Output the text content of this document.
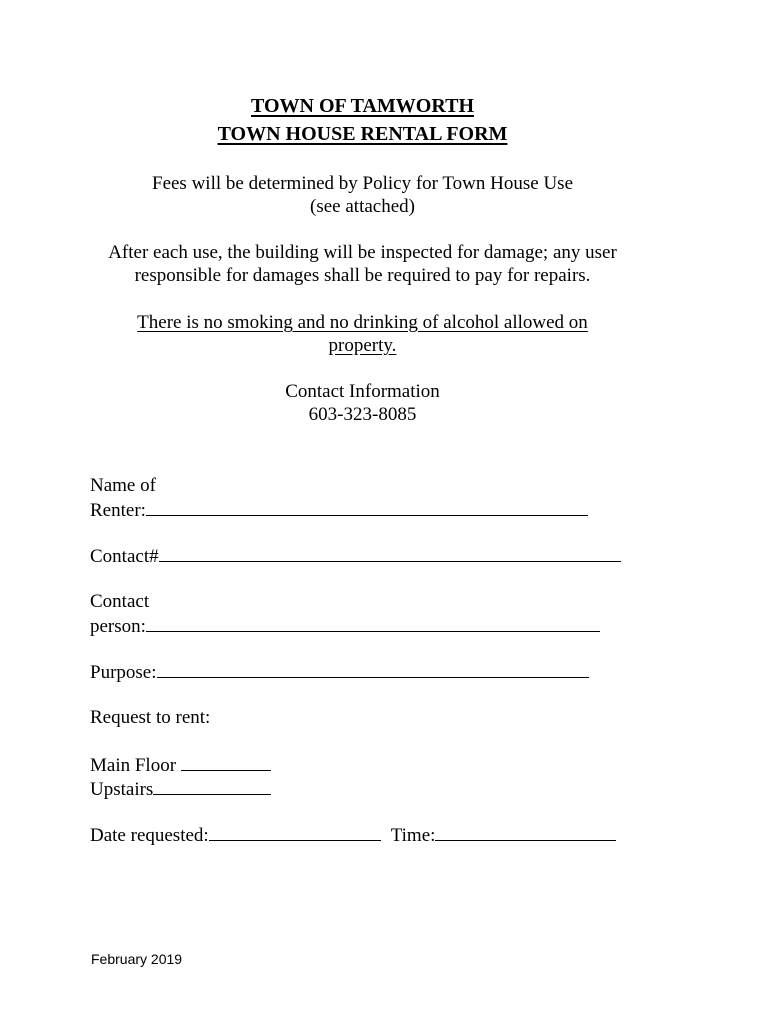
TOWN OF TAMWORTH

TOWN HOUSE RENTAL FORM

Fees will be determined by Policy for Town House Use

(see attached)

After each use, the building will be inspected for damage; any user

responsible for damages shall be required to pay for repairs.

There is no smoking and no drinking of alcohol allowed on

property.

Contact Information

603-323-8085

Name of

Renter:

Contact#

Contact

person:

Purpose:

Request to rent:

Main Floor

Upstairs

Date requested:	Time:

February 2019
